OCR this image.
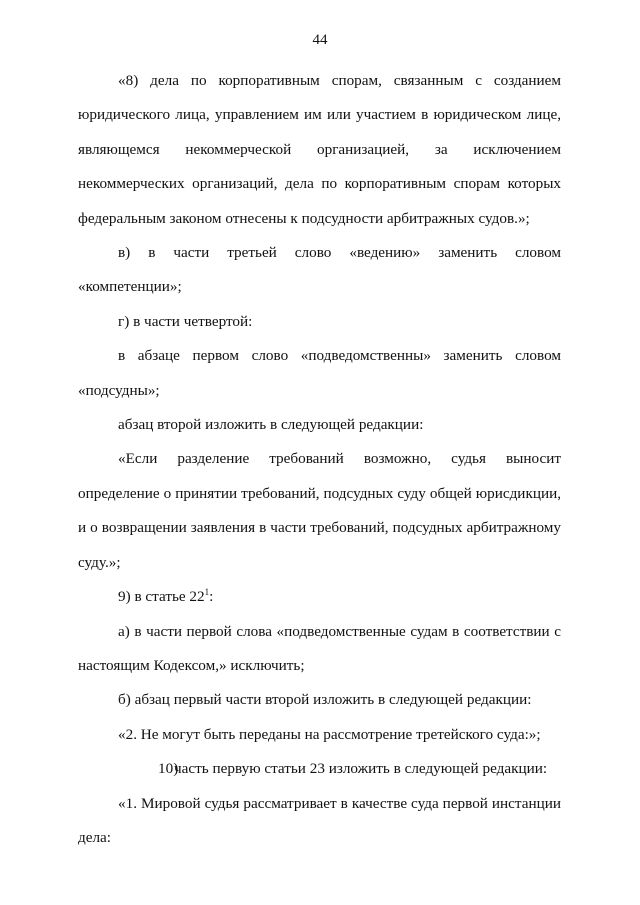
44

«8) дела по корпоративным спорам, связанным с созданием юридического лица, управлением им или участием в юридическом лице, являющемся некоммерческой организацией, за исключением некоммерческих организаций, дела по корпоративным спорам которых федеральным законом отнесены к подсудности арбитражных судов.»;

в) в части третьей слово «ведению» заменить словом «компетенции»;

г) в части четвертой:

в абзаце первом слово «подведомственны» заменить словом «подсудны»;

абзац второй изложить в следующей редакции:

«Если разделение требований возможно, судья выносит определение о принятии требований, подсудных суду общей юрисдикции, и о возвращении заявления в части требований, подсудных арбитражному суду.»;

9) в статье $22^1$:

а) в части первой слова «подведомственные судам в соответствии с настоящим Кодексом,» исключить;

б) абзац первый части второй изложить в следующей редакции:

«2. Не могут быть переданы на рассмотрение третейского суда:»;

10)часть первую статьи 23 изложить в следующей редакции:

«1. Мировой судья рассматривает в качестве суда первой инстанции дела:
